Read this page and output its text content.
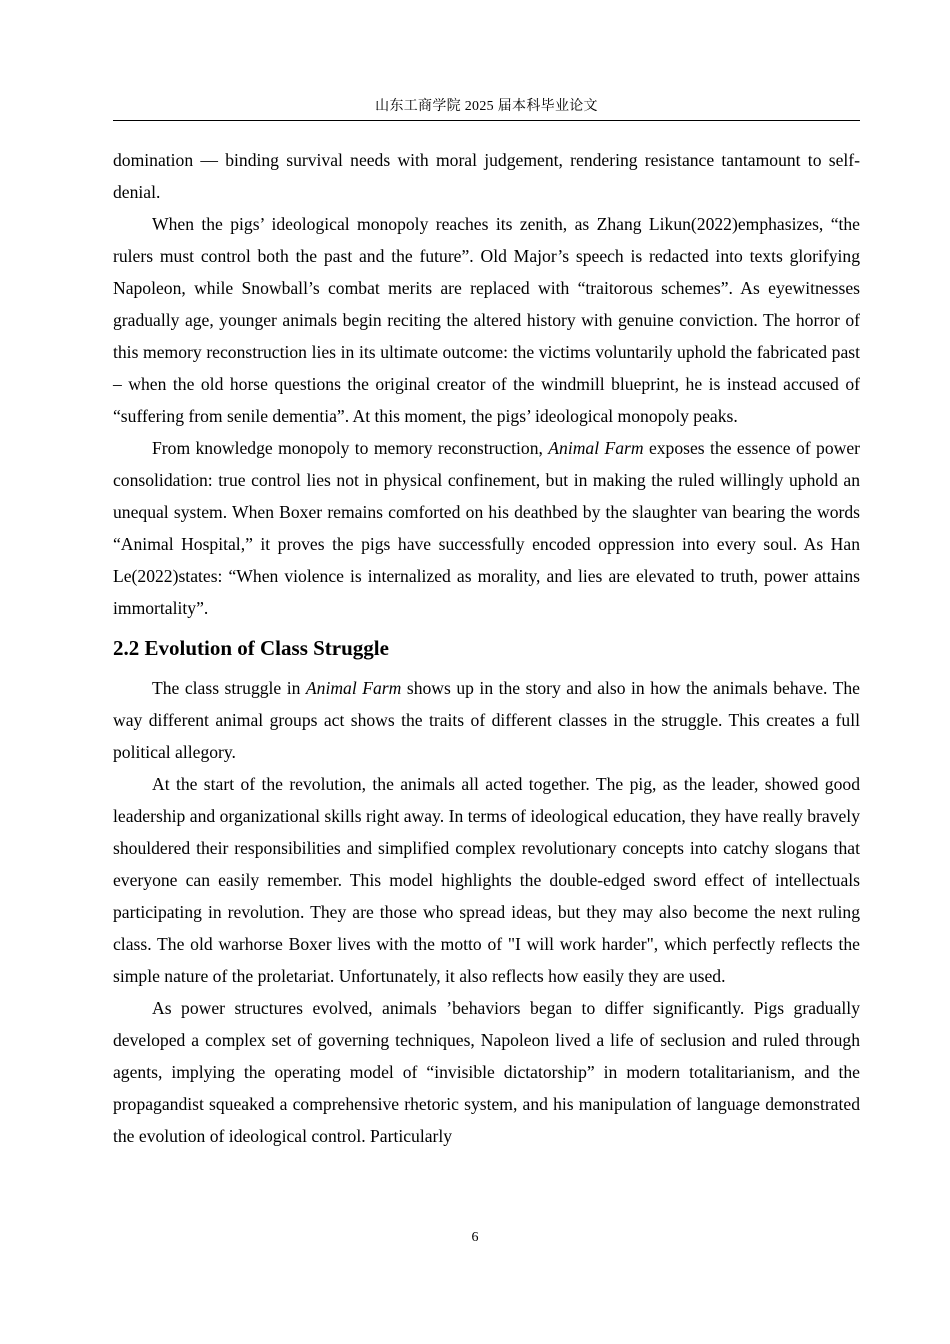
山东工商学院 2025 届本科毕业论文

domination — binding survival needs with moral judgement, rendering resistance tantamount to self-denial.

When the pigs’ ideological monopoly reaches its zenith, as Zhang Likun(2022)emphasizes, “the rulers must control both the past and the future”. Old Major’s speech is redacted into texts glorifying Napoleon, while Snowball’s combat merits are replaced with “traitorous schemes”. As eyewitnesses gradually age, younger animals begin reciting the altered history with genuine conviction. The horror of this memory reconstruction lies in its ultimate outcome: the victims voluntarily uphold the fabricated past – when the old horse questions the original creator of the windmill blueprint, he is instead accused of “suffering from senile dementia”. At this moment, the pigs’ ideological monopoly peaks.

From knowledge monopoly to memory reconstruction, Animal Farm exposes the essence of power consolidation: true control lies not in physical confinement, but in making the ruled willingly uphold an unequal system. When Boxer remains comforted on his deathbed by the slaughter van bearing the words “Animal Hospital,” it proves the pigs have successfully encoded oppression into every soul. As Han Le(2022)states: “When violence is internalized as morality, and lies are elevated to truth, power attains immortality”.

2.2 Evolution of Class Struggle

The class struggle in Animal Farm shows up in the story and also in how the animals behave. The way different animal groups act shows the traits of different classes in the struggle. This creates a full political allegory.

At the start of the revolution, the animals all acted together. The pig, as the leader, showed good leadership and organizational skills right away. In terms of ideological education, they have really bravely shouldered their responsibilities and simplified complex revolutionary concepts into catchy slogans that everyone can easily remember. This model highlights the double-edged sword effect of intellectuals participating in revolution. They are those who spread ideas, but they may also become the next ruling class. The old warhorse Boxer lives with the motto of "I will work harder", which perfectly reflects the simple nature of the proletariat. Unfortunately, it also reflects how easily they are used.

As power structures evolved, animals ’behaviors began to differ significantly. Pigs gradually developed a complex set of governing techniques, Napoleon lived a life of seclusion and ruled through agents, implying the operating model of “invisible dictatorship” in modern totalitarianism, and the propagandist squeaked a comprehensive rhetoric system, and his manipulation of language demonstrated the evolution of ideological control. Particularly

6
